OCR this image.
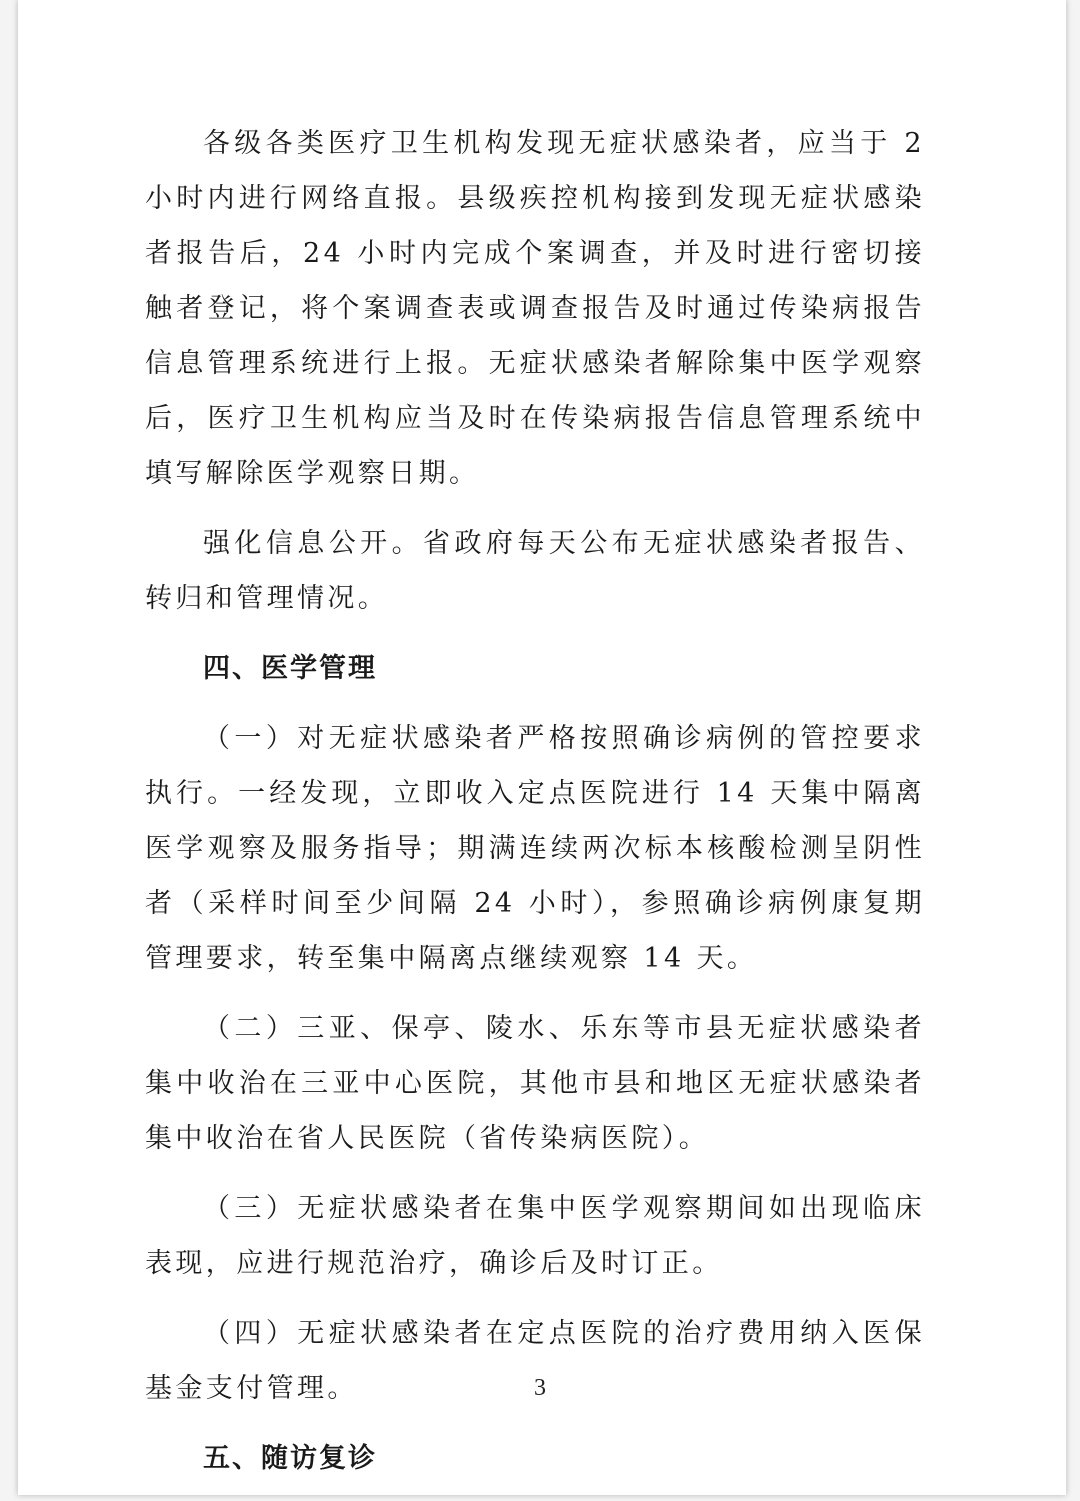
各级各类医疗卫生机构发现无症状感染者，应当于 2 小时内进行网络直报。县级疾控机构接到发现无症状感染者报告后，24 小时内完成个案调查，并及时进行密切接触者登记，将个案调查表或调查报告及时通过传染病报告信息管理系统进行上报。无症状感染者解除集中医学观察后，医疗卫生机构应当及时在传染病报告信息管理系统中填写解除医学观察日期。

强化信息公开。省政府每天公布无症状感染者报告、转归和管理情况。

四、医学管理

（一）对无症状感染者严格按照确诊病例的管控要求执行。一经发现，立即收入定点医院进行 14 天集中隔离医学观察及服务指导；期满连续两次标本核酸检测呈阴性者（采样时间至少间隔 24 小时），参照确诊病例康复期管理要求，转至集中隔离点继续观察 14 天。

（二）三亚、保亭、陵水、乐东等市县无症状感染者集中收治在三亚中心医院，其他市县和地区无症状感染者集中收治在省人民医院（省传染病医院）。

（三）无症状感染者在集中医学观察期间如出现临床表现，应进行规范治疗，确诊后及时订正。

（四）无症状感染者在定点医院的治疗费用纳入医保基金支付管理。

五、随访复诊

3
